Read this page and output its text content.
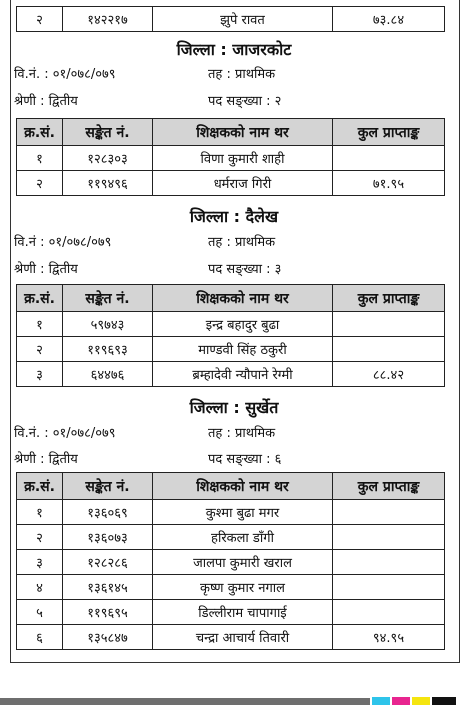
२	१४२२१७	झुपे रावत	७३.८४
जिल्ला : जाजरकोट
वि.नं. : ०१/०७८/०७९	तह : प्राथमिक
श्रेणी : द्वितीय	पद सङ्ख्या : २
क्र.सं.	सङ्केत नं.	शिक्षकको नाम थर	कुल प्राप्ताङ्क
१	१२८३०३	विणा कुमारी शाही	
२	११९४९६	धर्मराज गिरी	७१.९५
जिल्ला : दैलेख
वि.नं : ०१/०७८/०७९	तह : प्राथमिक
श्रेणी : द्वितीय	पद सङ्ख्या : ३
क्र.सं.	सङ्केत नं.	शिक्षकको नाम थर	कुल प्राप्ताङ्क
१	५९७४३	इन्द्र बहादुर बुढा	
२	११९६९३	माण्डवी सिंह ठकुरी	
३	६४४७६	ब्रम्हादेवी न्यौपाने रेग्मी	८८.४२
जिल्ला : सुर्खेत
वि.नं. : ०१/०७८/०७९	तह : प्राथमिक
श्रेणी : द्वितीय	पद सङ्ख्या : ६
क्र.सं.	सङ्केत नं.	शिक्षकको नाम थर	कुल प्राप्ताङ्क
१	१३६०६९	कुश्मा बुढा मगर	
२	१३६०७३	हरिकला डाँगी	
३	१२८२८६	जालपा कुमारी खराल	
४	१३६१४५	कृष्ण कुमार नगाल	
५	११९६९५	डिल्लीराम चापागाई	
६	१३५८४७	चन्द्रा आचार्य तिवारी	९४.९५
